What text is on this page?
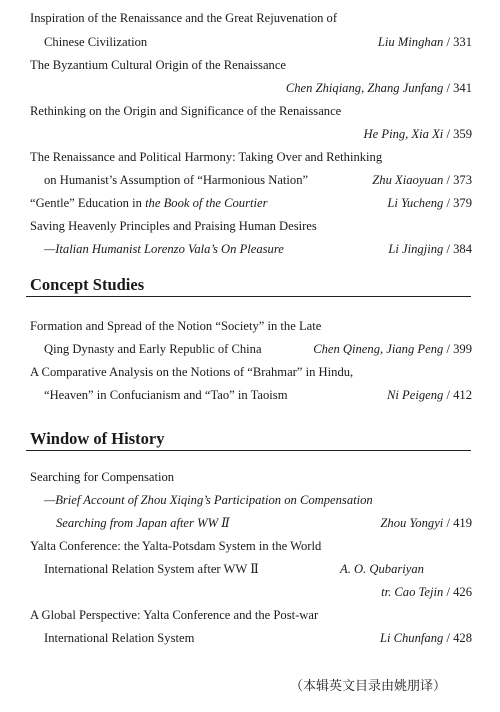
Inspiration of the Renaissance and the Great Rejuvenation of
Chinese Civilization	Liu Minghan / 331
The Byzantium Cultural Origin of the Renaissance
Chen Zhiqiang, Zhang Junfang / 341
Rethinking on the Origin and Significance of the Renaissance
He Ping, Xia Xi / 359
The Renaissance and Political Harmony: Taking Over and Rethinking
on Humanist’s Assumption of “Harmonious Nation”	Zhu Xiaoyuan / 373
“Gentle” Education in the Book of the Courtier	Li Yucheng / 379
Saving Heavenly Principles and Praising Human Desires
—Italian Humanist Lorenzo Vala’s On Pleasure	Li Jingjing / 384
Concept Studies
Formation and Spread of the Notion “Society” in the Late
Qing Dynasty and Early Republic of China	Chen Qineng, Jiang Peng / 399
A Comparative Analysis on the Notions of “Brahmar” in Hindu,
“Heaven” in Confucianism and “Tao” in Taoism	Ni Peigeng / 412
Window of History
Searching for Compensation
—Brief Account of Zhou Xiqing’s Participation on Compensation
Searching from Japan after WW Ⅱ	Zhou Yongyi / 419
Yalta Conference: the Yalta-Potsdam System in the World
International Relation System after WW Ⅱ	A. O. Qubariyan
tr. Cao Tejin / 426
A Global Perspective: Yalta Conference and the Post-war
International Relation System	Li Chunfang / 428
（本辑英文目录由姚朋译）
